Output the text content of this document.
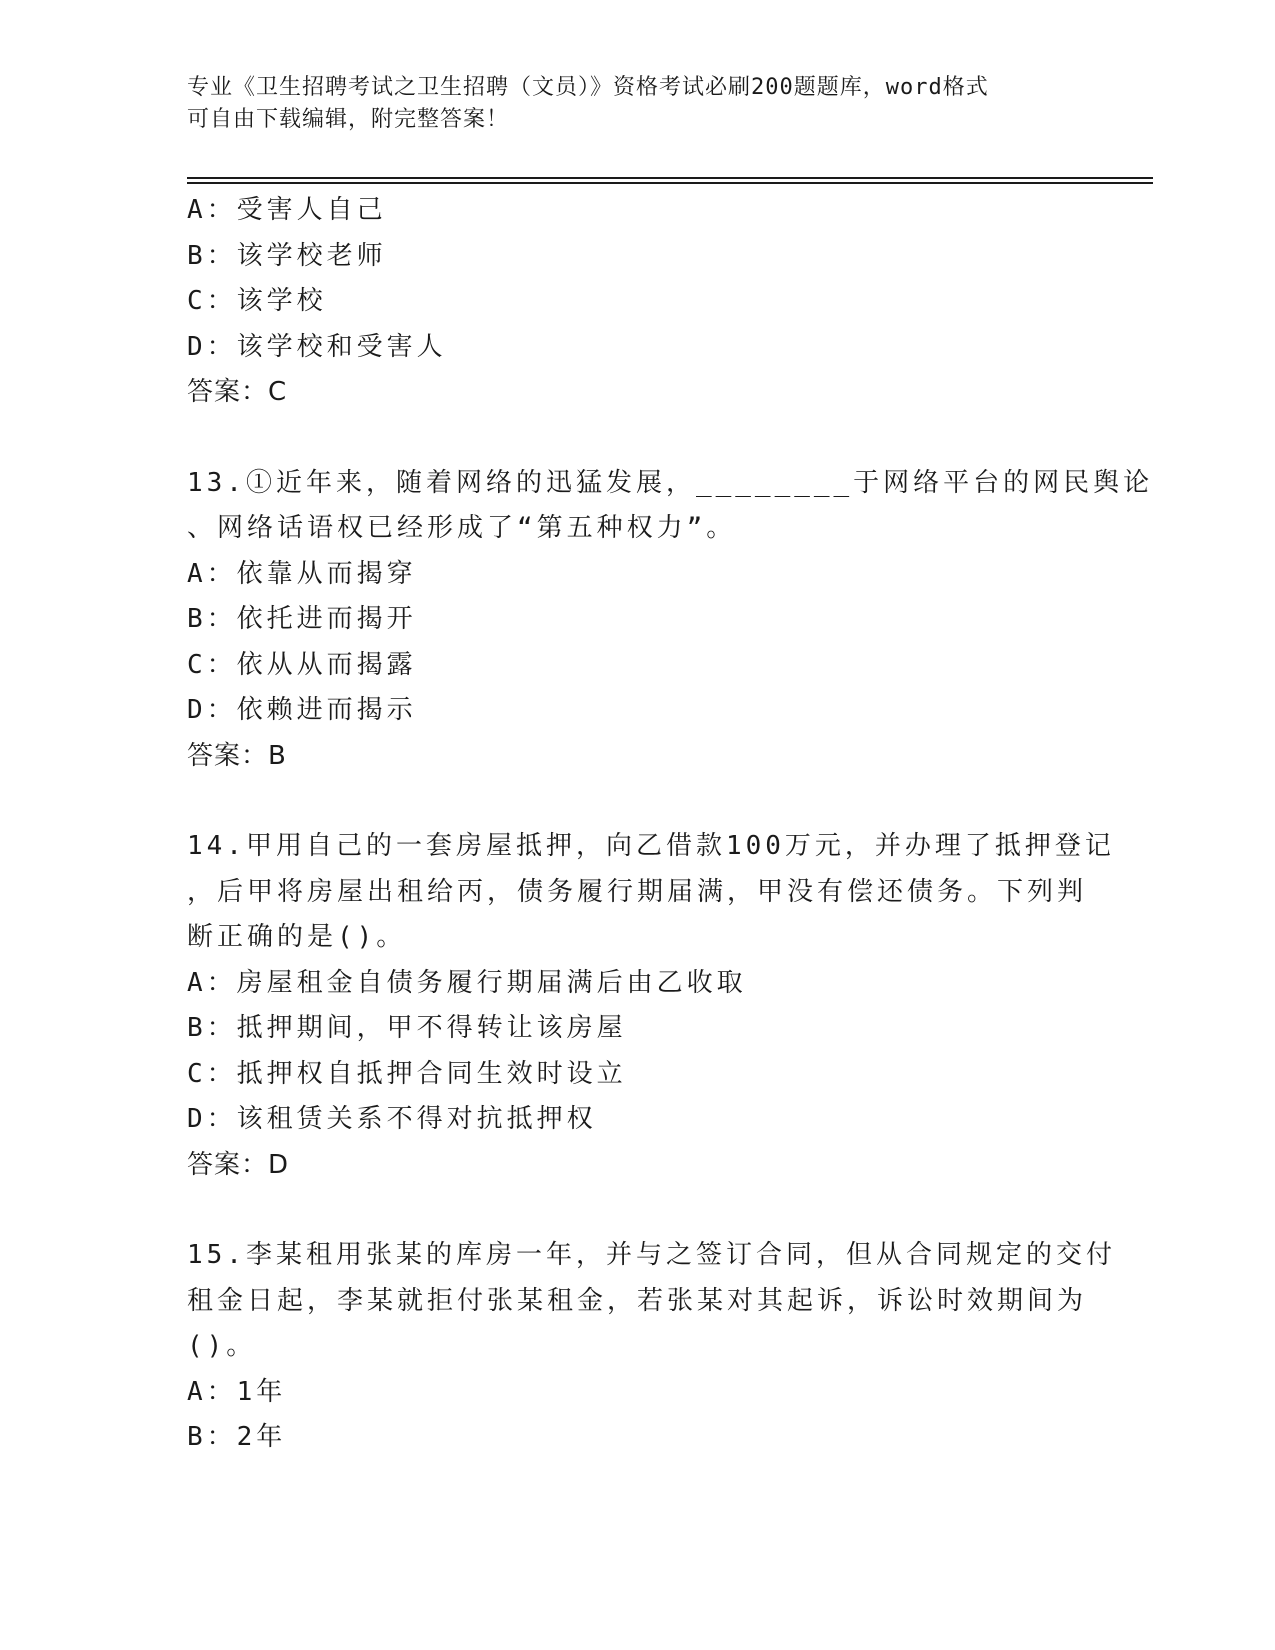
专业《卫生招聘考试之卫生招聘（文员）》资格考试必刷200题题库，word格式
可自由下载编辑，附完整答案！
A：受害人自己
B：该学校老师
C：该学校
D：该学校和受害人
答案：C
13.①近年来，随着网络的迅猛发展，________于网络平台的网民舆论
、网络话语权已经形成了“第五种权力”。
A：依靠从而揭穿
B：依托进而揭开
C：依从从而揭露
D：依赖进而揭示
答案：B
14.甲用自己的一套房屋抵押，向乙借款100万元，并办理了抵押登记
，后甲将房屋出租给丙，债务履行期届满，甲没有偿还债务。下列判
断正确的是()。
A：房屋租金自债务履行期届满后由乙收取
B：抵押期间，甲不得转让该房屋
C：抵押权自抵押合同生效时设立
D：该租赁关系不得对抗抵押权
答案：D
15.李某租用张某的库房一年，并与之签订合同，但从合同规定的交付
租金日起，李某就拒付张某租金，若张某对其起诉，诉讼时效期间为
()。
A：1年
B：2年
